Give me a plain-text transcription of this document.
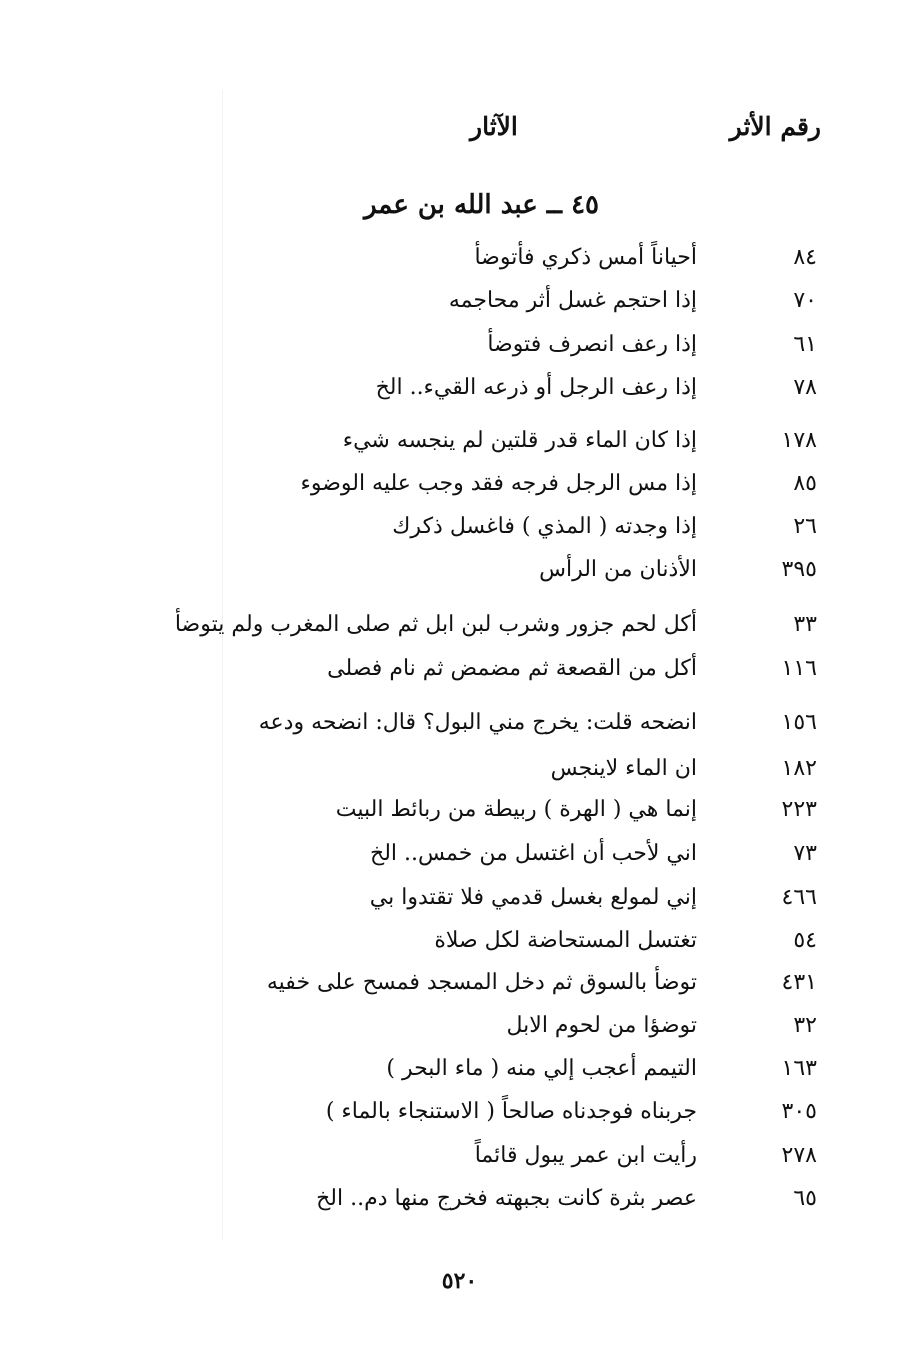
رقم الأثر
الآثار
٤٥ ــ عبد الله بن عمر
٨٤
أحياناً أمس ذكري فأتوضأ
٧٠
إذا احتجم غسل أثر محاجمه
٦١
إذا رعف انصرف فتوضأ
٧٨
إذا رعف الرجل أو ذرعه القيء.. الخ
١٧٨
إذا كان الماء قدر قلتين لم ينجسه شيء
٨٥
إذا مس الرجل فرجه فقد وجب عليه الوضوء
٢٦
إذا وجدته ( المذي ) فاغسل ذكرك
٣٩٥
الأذنان من الرأس
٣٣
أكل لحم جزور وشرب لبن ابل ثم صلى المغرب ولم يتوضأ
١١٦
أكل من القصعة ثم مضمض ثم نام فصلى
١٥٦
انضحه قلت: يخرج مني البول؟ قال: انضحه ودعه
١٨٢
ان الماء لاينجس
٢٢٣
إنما هي ( الهرة ) ربيطة من ربائط البيت
٧٣
اني لأحب أن اغتسل من خمس.. الخ
٤٦٦
إني لمولع بغسل قدمي فلا تقتدوا بي
٥٤
تغتسل المستحاضة لكل صلاة
٤٣١
توضأ بالسوق ثم دخل المسجد فمسح على خفيه
٣٢
توضؤا من لحوم الابل
١٦٣
التيمم أعجب إلي منه ( ماء البحر )
٣٠٥
جربناه فوجدناه صالحاً ( الاستنجاء بالماء )
٢٧٨
رأيت ابن عمر يبول قائماً
٦٥
عصر بثرة كانت بجبهته فخرج منها دم.. الخ
٥٢٠
